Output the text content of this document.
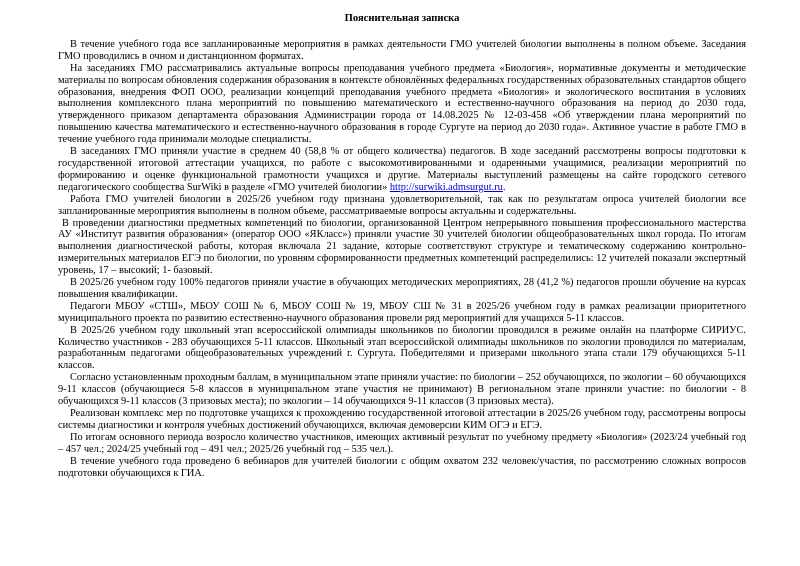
Пояснительная записка

В течение учебного года все запланированные мероприятия в рамках деятельности ГМО учителей биологии выполнены в полном объеме. Заседания ГМО проводились в очном и дистанционном форматах.

На заседаниях ГМО рассматривались актуальные вопросы преподавания учебного предмета «Биология», нормативные документы и методические материалы по вопросам обновления содержания образования в контексте обновлённых федеральных государственных образовательных стандартов общего образования, внедрения ФОП ООО, реализации концепций преподавания учебного предмета «Биология» и экологического воспитания в условиях выполнения комплексного плана мероприятий по повышению математического и естественно-научного образования на период до 2030 года, утвержденного приказом департамента образования Администрации города от 14.08.2025 № 12-03-458 «Об утверждении плана мероприятий по повышению качества математического и естественно-научного образования в городе Сургуте на период до 2030 года». Активное участие в работе ГМО в течение учебного года принимали молодые специалисты.

В заседаниях ГМО приняли участие в среднем 40 (58,8 % от общего количества) педагогов. В ходе заседаний рассмотрены вопросы подготовки к государственной итоговой аттестации учащихся, по работе с высокомотивированными и одаренными учащимися, реализации мероприятий по формированию и оценке функциональной грамотности учащихся и другие. Материалы выступлений размещены на сайте городского сетевого педагогического сообщества SurWiki в разделе «ГМО учителей биологии» http://surwiki.admsurgut.ru.

Работа ГМО учителей биологии в 2025/26 учебном году признана удовлетворительной, так как по результатам опроса учителей биологии все запланированные мероприятия выполнены в полном объеме, рассматриваемые вопросы актуальны и содержательны.

В проведении диагностики предметных компетенций по биологии, организованной Центром непрерывного повышения профессионального мастерства АУ «Институт развития образования» (оператор ООО «ЯКласс») приняли участие 30 учителей биологии общеобразовательных школ города. По итогам выполнения диагностической работы, которая включала 21 задание, которые соответствуют структуре и тематическому содержанию контрольно-измерительных материалов ЕГЭ по биологии, по уровням сформированности предметных компетенций распределились: 12 учителей показали экспертный уровень, 17 – высокий; 1- базовый.

В 2025/26 учебном году 100% педагогов приняли участие в обучающих методических мероприятиях, 28 (41,2 %) педагогов прошли обучение на курсах повышения квалификации.

Педагоги МБОУ «СТШ», МБОУ СОШ № 6, МБОУ СОШ № 19, МБОУ СШ № 31 в 2025/26 учебном году в рамках реализации приоритетного муниципального проекта по развитию естественно-научного образования провели ряд мероприятий для учащихся 5-11 классов.

В 2025/26 учебном году школьный этап всероссийской олимпиады школьников по биологии проводился в режиме онлайн на платформе СИРИУС. Количество участников - 283 обучающихся 5-11 классов. Школьный этап всероссийской олимпиады школьников по экологии проводился по материалам, разработанным педагогами общеобразовательных учреждений г. Сургута. Победителями и призерами школьного этапа стали 179 обучающихся 5-11 классов.

Согласно установленным проходным баллам, в муниципальном этапе приняли участие: по биологии – 252 обучающихся, по экологии – 60 обучающихся 9-11 классов (обучающиеся 5-8 классов в муниципальном этапе участия не принимают) В региональном этапе приняли участие: по биологии - 8 обучающихся 9-11 классов (3 призовых места); по экологии – 14 обучающихся 9-11 классов (3 призовых места).

Реализован комплекс мер по подготовке учащихся к прохождению государственной итоговой аттестации в 2025/26 учебном году, рассмотрены вопросы системы диагностики и контроля учебных достижений обучающихся, включая демоверсии КИМ ОГЭ и ЕГЭ.

По итогам основного периода возросло количество участников, имеющих активный результат по учебному предмету «Биология» (2023/24 учебный год – 457 чел.; 2024/25 учебный год – 491 чел.; 2025/26 учебный год – 535 чел.).

В течение учебного года проведено 6 вебинаров для учителей биологии с общим охватом 232 человек/участия, по рассмотрению сложных вопросов подготовки обучающихся к ГИА.
